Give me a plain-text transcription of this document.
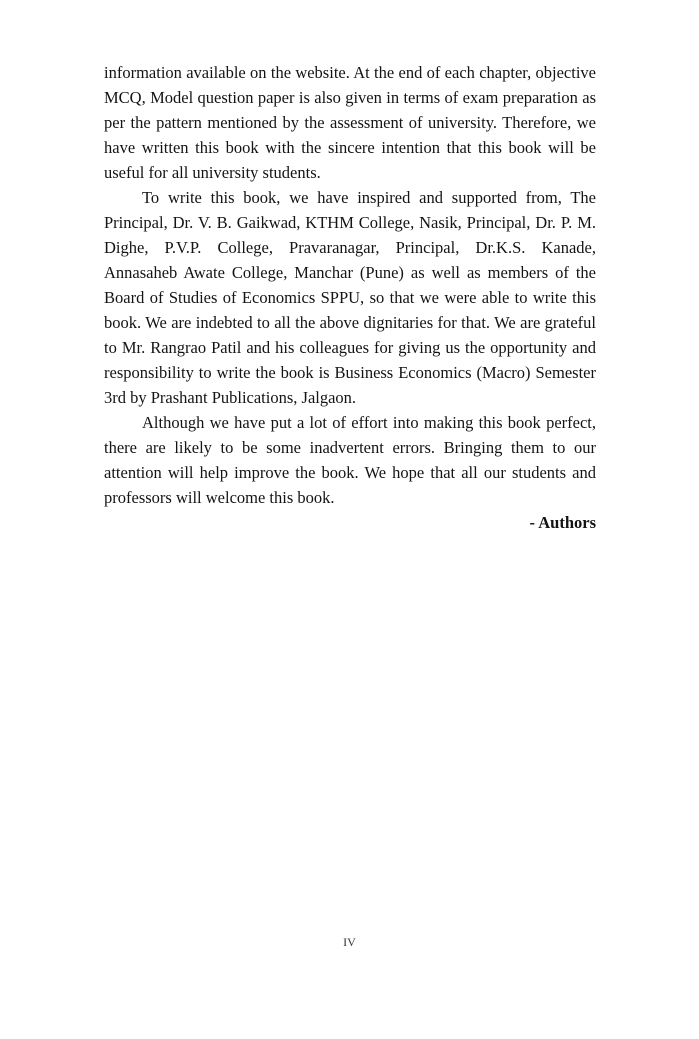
information available on the website. At the end of each chapter, objective MCQ, Model question paper is also given in terms of exam preparation as per the pattern mentioned by the assessment of university. Therefore, we have written this book with the sincere intention that this book will be useful for all university students.

To write this book, we have inspired and supported from, The Principal, Dr. V. B. Gaikwad, KTHM College, Nasik, Principal, Dr. P. M. Dighe, P.V.P. College, Pravaranagar, Principal, Dr.K.S. Kanade, Annasaheb Awate College, Manchar (Pune) as well as members of the Board of Studies of Economics SPPU, so that we were able to write this book. We are indebted to all the above dignitaries for that. We are grateful to Mr. Rangrao Patil and his colleagues for giving us the opportunity and responsibility to write the book is Business Economics (Macro) Semester 3rd by Prashant Publications, Jalgaon.

Although we have put a lot of effort into making this book perfect, there are likely to be some inadvertent errors. Bringing them to our attention will help improve the book. We hope that all our students and professors will welcome this book.

- Authors

IV
